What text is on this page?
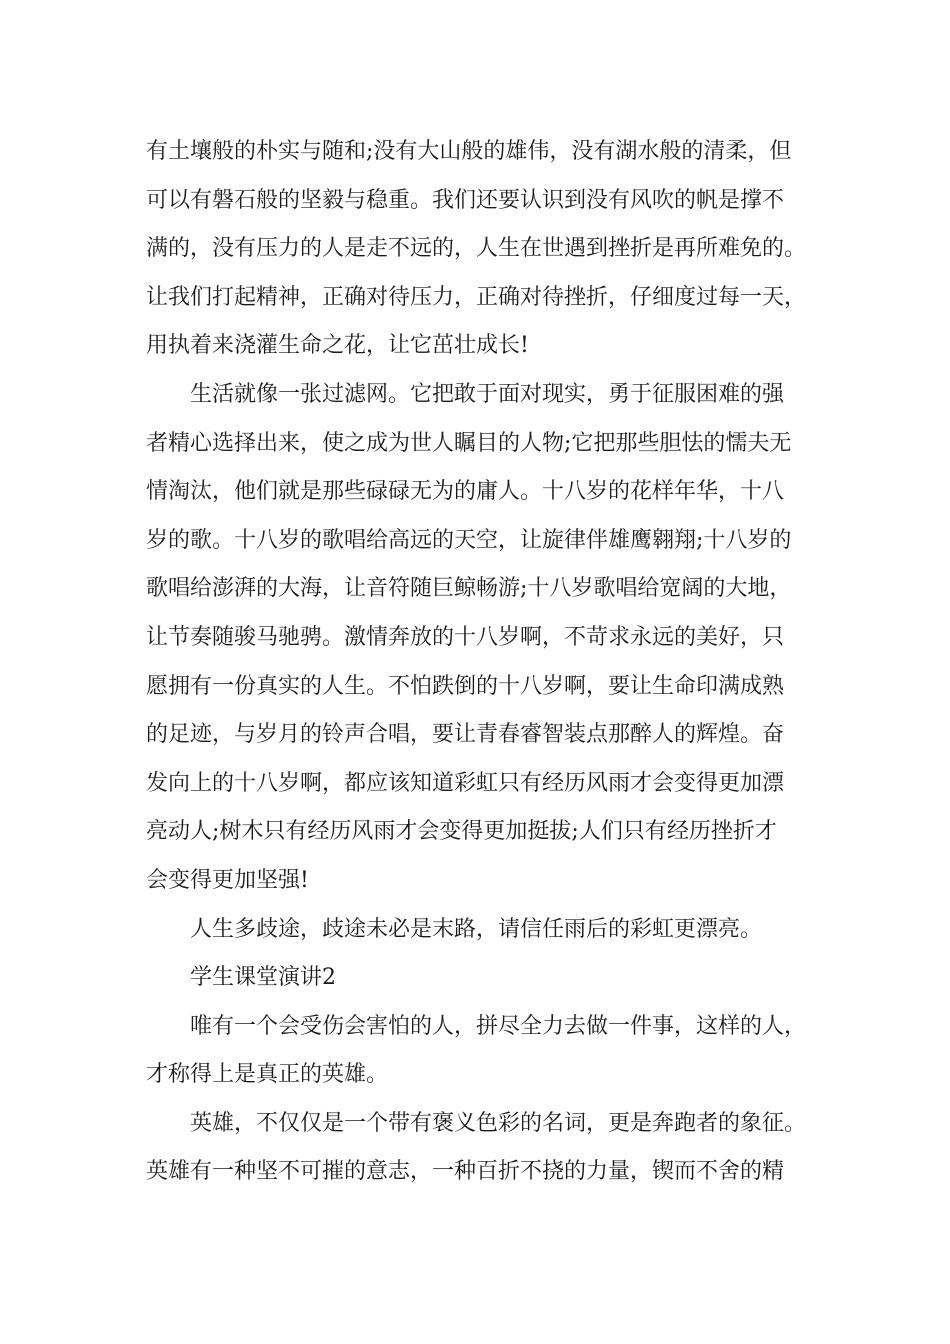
有土壤般的朴实与随和;没有大山般的雄伟，没有湖水般的清柔，但
可以有磐石般的坚毅与稳重。我们还要认识到没有风吹的帆是撑不
满的，没有压力的人是走不远的，人生在世遇到挫折是再所难免的。
让我们打起精神，正确对待压力，正确对待挫折，仔细度过每一天，
用执着来浇灌生命之花，让它茁壮成长!
生活就像一张过滤网。它把敢于面对现实，勇于征服困难的强
者精心选择出来，使之成为世人瞩目的人物;它把那些胆怯的懦夫无
情淘汰，他们就是那些碌碌无为的庸人。十八岁的花样年华，十八
岁的歌。十八岁的歌唱给高远的天空，让旋律伴雄鹰翱翔;十八岁的
歌唱给澎湃的大海，让音符随巨鲸畅游;十八岁歌唱给宽阔的大地，
让节奏随骏马驰骋。激情奔放的十八岁啊，不苛求永远的美好，只
愿拥有一份真实的人生。不怕跌倒的十八岁啊，要让生命印满成熟
的足迹，与岁月的铃声合唱，要让青春睿智装点那醉人的辉煌。奋
发向上的十八岁啊，都应该知道彩虹只有经历风雨才会变得更加漂
亮动人;树木只有经历风雨才会变得更加挺拔;人们只有经历挫折才
会变得更加坚强!
人生多歧途，歧途未必是末路，请信任雨后的彩虹更漂亮。
学生课堂演讲2
唯有一个会受伤会害怕的人，拼尽全力去做一件事，这样的人，
才称得上是真正的英雄。
英雄，不仅仅是一个带有褒义色彩的名词，更是奔跑者的象征。
英雄有一种坚不可摧的意志，一种百折不挠的力量，锲而不舍的精
